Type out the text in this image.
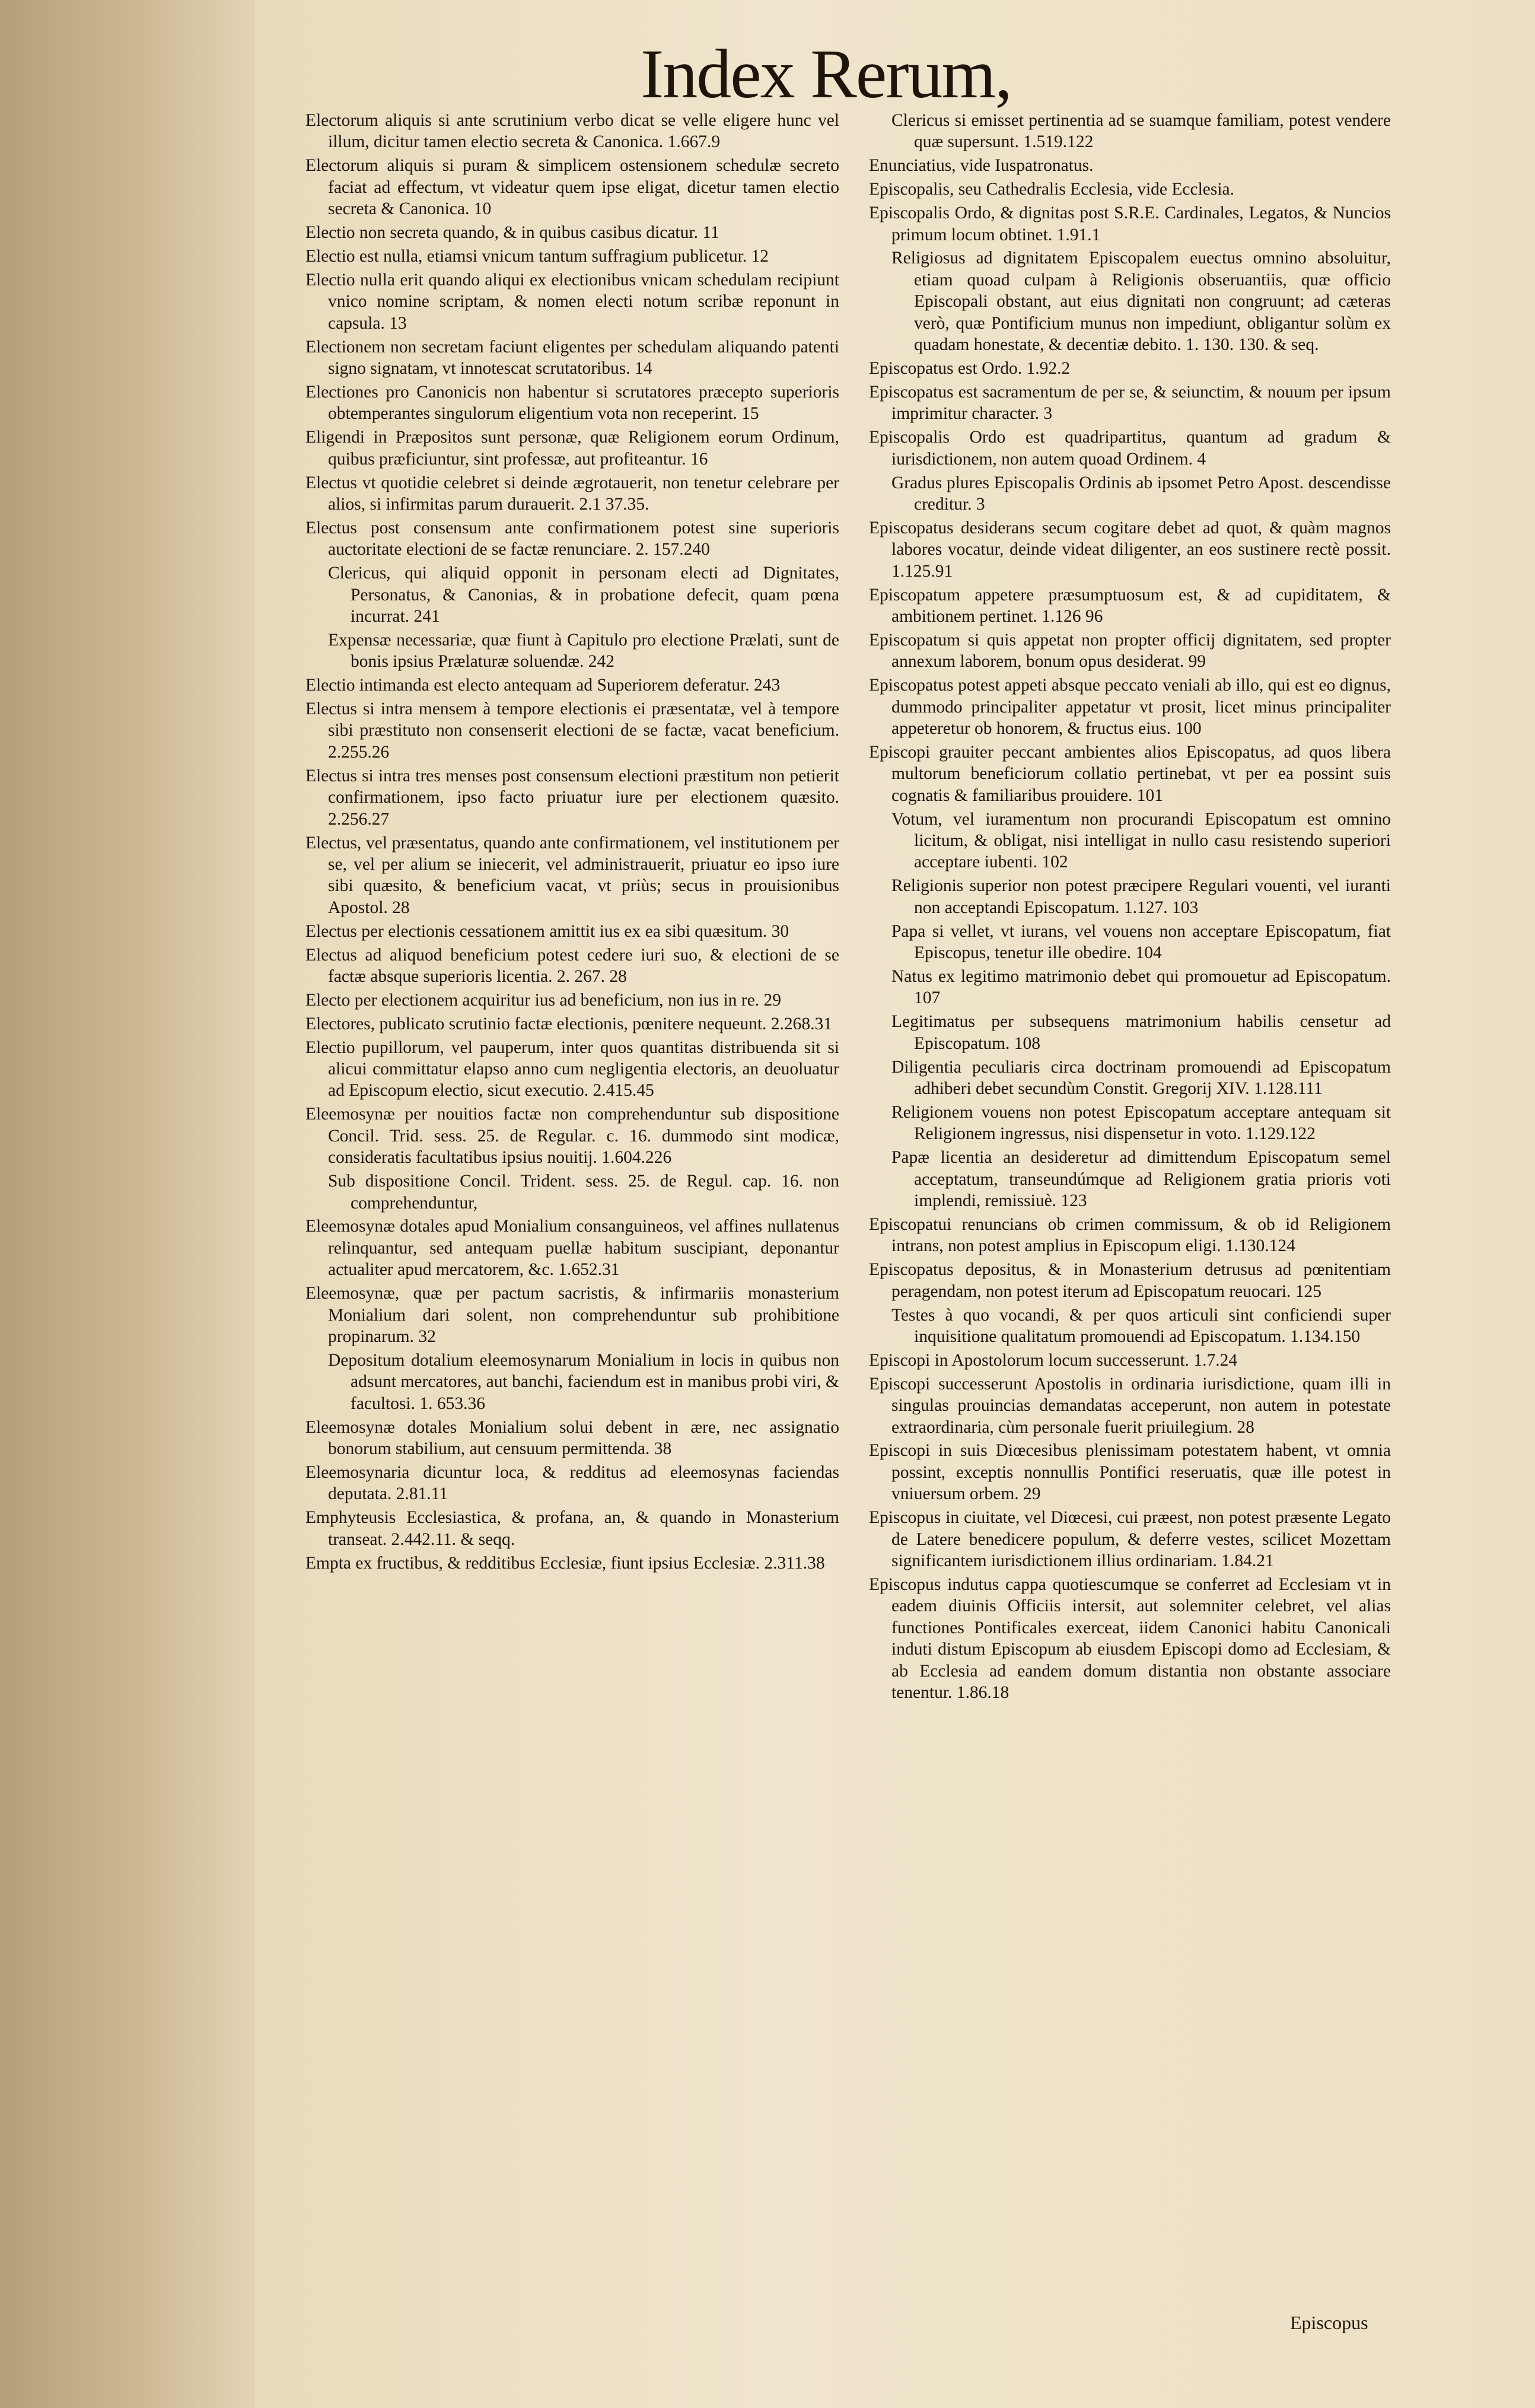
Index Rerum,

Electorum aliquis si ante scrutinium verbo dicat se velle eligere hunc vel illum, dicitur tamen electio secreta & Canonica. 1.667.9

Electorum aliquis si puram & simplicem ostensionem schedulæ secreto faciat ad effectum, vt videatur quem ipse eligat, dicetur tamen electio secreta & Canonica. 10

Electio non secreta quando, & in quibus casibus dicatur. 11

Electio est nulla, etiamsi vnicum tantum suffragium publicetur. 12

Electio nulla erit quando aliqui ex electionibus vnicam schedulam recipiunt vnico nomine scriptam, & nomen electi notum scribæ reponunt in capsula. 13

Electionem non secretam faciunt eligentes per schedulam aliquando patenti signo signatam, vt innotescat scrutatoribus. 14

Electiones pro Canonicis non habentur si scrutatores præcepto superioris obtemperantes singulorum eligentium vota non receperint. 15

Eligendi in Præpositos sunt personæ, quæ Religionem eorum Ordinum, quibus præficiuntur, sint professæ, aut profiteantur. 16

Electus vt quotidie celebret si deinde ægrotauerit, non tenetur celebrare per alios, si infirmitas parum durauerit. 2.1 37.35.

Electus post consensum ante confirmationem potest sine superioris auctoritate electioni de se factæ renunciare. 2. 157.240

Clericus, qui aliquid opponit in personam electi ad Dignitates, Personatus, & Canonias, & in probatione defecit, quam pœna incurrat. 241

Expensæ necessariæ, quæ fiunt à Capitulo pro electione Prælati, sunt de bonis ipsius Prælaturæ soluendæ. 242

Electio intimanda est electo antequam ad Superiorem deferatur. 243

Electus si intra mensem à tempore electionis ei præsentatæ, vel à tempore sibi præstituto non consenserit electioni de se factæ, vacat beneficium. 2.255.26

Electus si intra tres menses post consensum electioni præstitum non petierit confirmationem, ipso facto priuatur iure per electionem quæsito. 2.256.27

Electus, vel præsentatus, quando ante confirmationem, vel institutionem per se, vel per alium se iniecerit, vel administrauerit, priuatur eo ipso iure sibi quæsito, & beneficium vacat, vt priùs; secus in prouisionibus Apostol. 28

Electus per electionis cessationem amittit ius ex ea sibi quæsitum. 30

Electus ad aliquod beneficium potest cedere iuri suo, & electioni de se factæ absque superioris licentia. 2. 267. 28

Electo per electionem acquiritur ius ad beneficium, non ius in re. 29

Electores, publicato scrutinio factæ electionis, pœnitere nequeunt. 2.268.31

Electio pupillorum, vel pauperum, inter quos quantitas distribuenda sit si alicui committatur elapso anno cum negligentia electoris, an deuoluatur ad Episcopum electio, sicut executio. 2.415.45

Eleemosynæ per nouitios factæ non comprehenduntur sub dispositione Concil. Trid. sess. 25. de Regular. c. 16. dummodo sint modicæ, consideratis facultatibus ipsius nouitij. 1.604.226

Sub dispositione Concil. Trident. sess. 25. de Regul. cap. 16. non comprehenduntur,

Eleemosynæ dotales apud Monialium consanguineos, vel affines nullatenus relinquantur, sed antequam puellæ habitum suscipiant, deponantur actualiter apud mercatorem, &c. 1.652.31

Eleemosynæ, quæ per pactum sacristis, & infirmariis monasterium Monialium dari solent, non comprehenduntur sub prohibitione propinarum. 32

Depositum dotalium eleemosynarum Monialium in locis in quibus non adsunt mercatores, aut banchi, faciendum est in manibus probi viri, & facultosi. 1. 653.36

Eleemosynæ dotales Monialium solui debent in ære, nec assignatio bonorum stabilium, aut censuum permittenda. 38

Eleemosynaria dicuntur loca, & redditus ad eleemosynas faciendas deputata. 2.81.11

Emphyteusis Ecclesiastica, & profana, an, & quando in Monasterium transeat. 2.442.11. & seqq.

Empta ex fructibus, & redditibus Ecclesiæ, fiunt ipsius Ecclesiæ. 2.311.38

Clericus si emisset pertinentia ad se suamque familiam, potest vendere quæ supersunt. 1.519.122

Enunciatius, vide Iuspatronatus.

Episcopalis, seu Cathedralis Ecclesia, vide Ecclesia.

Episcopalis Ordo, & dignitas post S.R.E. Cardinales, Legatos, & Nuncios primum locum obtinet. 1.91.1

Religiosus ad dignitatem Episcopalem euectus omnino absoluitur, etiam quoad culpam à Religionis obseruantiis, quæ officio Episcopali obstant, aut eius dignitati non congruunt; ad cæteras verò, quæ Pontificium munus non impediunt, obligantur solùm ex quadam honestate, & decentiæ debito. 1. 130. 130. & seq.

Episcopatus est Ordo. 1.92.2

Episcopatus est sacramentum de per se, & seiunctim, & nouum per ipsum imprimitur character. 3

Episcopalis Ordo est quadripartitus, quantum ad gradum & iurisdictionem, non autem quoad Ordinem. 4

Gradus plures Episcopalis Ordinis ab ipsomet Petro Apost. descendisse creditur. 3

Episcopatus desiderans secum cogitare debet ad quot, & quàm magnos labores vocatur, deinde videat diligenter, an eos sustinere rectè possit. 1.125.91

Episcopatum appetere præsumptuosum est, & ad cupiditatem, & ambitionem pertinet. 1.126 96

Episcopatum si quis appetat non propter officij dignitatem, sed propter annexum laborem, bonum opus desiderat. 99

Episcopatus potest appeti absque peccato veniali ab illo, qui est eo dignus, dummodo principaliter appetatur vt prosit, licet minus principaliter appeteretur ob honorem, & fructus eius. 100

Episcopi grauiter peccant ambientes alios Episcopatus, ad quos libera multorum beneficiorum collatio pertinebat, vt per ea possint suis cognatis & familiaribus prouidere. 101

Votum, vel iuramentum non procurandi Episcopatum est omnino licitum, & obligat, nisi intelligat in nullo casu resistendo superiori acceptare iubenti. 102

Religionis superior non potest præcipere Regulari vouenti, vel iuranti non acceptandi Episcopatum. 1.127. 103

Papa si vellet, vt iurans, vel vouens non acceptare Episcopatum, fiat Episcopus, tenetur ille obedire. 104

Natus ex legitimo matrimonio debet qui promouetur ad Episcopatum. 107

Legitimatus per subsequens matrimonium habilis censetur ad Episcopatum. 108

Diligentia peculiaris circa doctrinam promouendi ad Episcopatum adhiberi debet secundùm Constit. Gregorij XIV. 1.128.111

Religionem vouens non potest Episcopatum acceptare antequam sit Religionem ingressus, nisi dispensetur in voto. 1.129.122

Papæ licentia an desideretur ad dimittendum Episcopatum semel acceptatum, transeundúmque ad Religionem gratia prioris voti implendi, remissiuè. 123

Episcopatui renuncians ob crimen commissum, & ob id Religionem intrans, non potest amplius in Episcopum eligi. 1.130.124

Episcopatus depositus, & in Monasterium detrusus ad pœnitentiam peragendam, non potest iterum ad Episcopatum reuocari. 125

Testes à quo vocandi, & per quos articuli sint conficiendi super inquisitione qualitatum promouendi ad Episcopatum. 1.134.150

Episcopi in Apostolorum locum successerunt. 1.7.24

Episcopi successerunt Apostolis in ordinaria iurisdictione, quam illi in singulas prouincias demandatas acceperunt, non autem in potestate extraordinaria, cùm personale fuerit priuilegium. 28

Episcopi in suis Diœcesibus plenissimam potestatem habent, vt omnia possint, exceptis nonnullis Pontifici reseruatis, quæ ille potest in vniuersum orbem. 29

Episcopus in ciuitate, vel Diœcesi, cui præest, non potest præsente Legato de Latere benedicere populum, & deferre vestes, scilicet Mozettam significantem iurisdictionem illius ordinariam. 1.84.21

Episcopus indutus cappa quotiescumque se conferret ad Ecclesiam vt in eadem diuinis Officiis intersit, aut solemniter celebret, vel alias functiones Pontificales exerceat, iidem Canonici habitu Canonicali induti distum Episcopum ab eiusdem Episcopi domo ad Ecclesiam, & ab Ecclesia ad eandem domum distantia non obstante associare tenentur. 1.86.18

Episcopus
